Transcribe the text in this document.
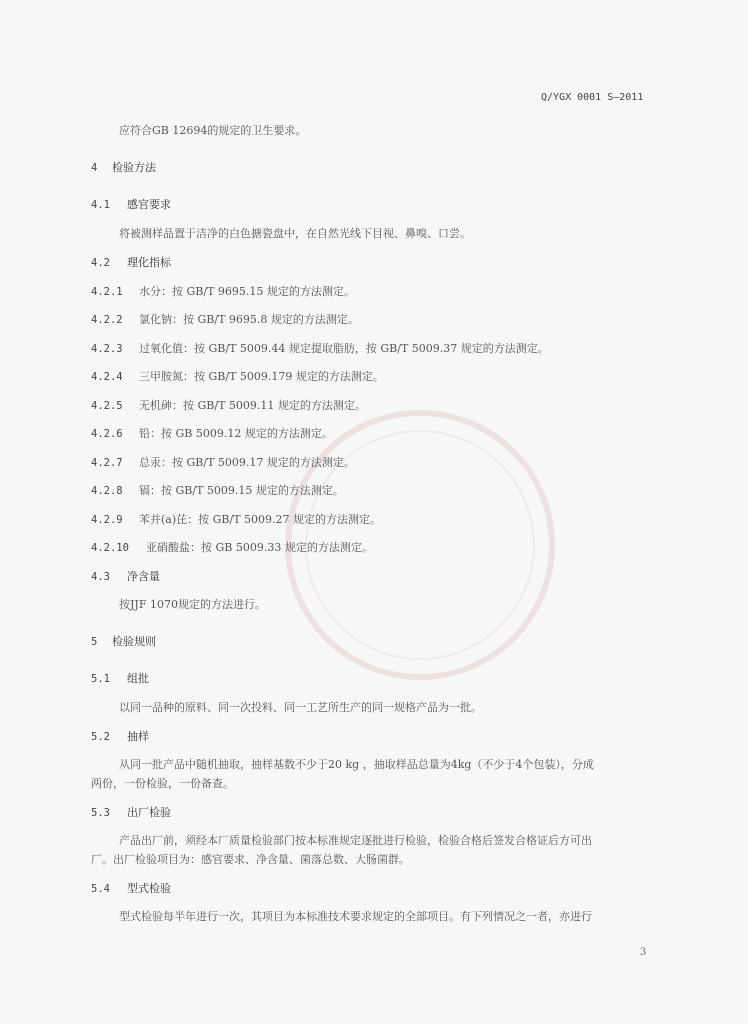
Q/YGX 0001 S—2011
应符合GB 12694的规定的卫生要求。
4 检验方法
4.1 感官要求
将被测样品置于洁净的白色搪瓷盘中，在自然光线下目视、鼻嗅、口尝。
4.2 理化指标
4.2.1 水分：按 GB/T 9695.15 规定的方法测定。
4.2.2 氯化钠：按 GB/T 9695.8 规定的方法测定。
4.2.3 过氧化值：按 GB/T 5009.44 规定提取脂肪，按 GB/T 5009.37 规定的方法测定。
4.2.4 三甲胺氮：按 GB/T 5009.179 规定的方法测定。
4.2.5 无机砷：按 GB/T 5009.11 规定的方法测定。
4.2.6 铅：按 GB 5009.12 规定的方法测定。
4.2.7 总汞：按 GB/T 5009.17 规定的方法测定。
4.2.8 镉：按 GB/T 5009.15 规定的方法测定。
4.2.9 苯并(a)芘：按 GB/T 5009.27 规定的方法测定。
4.2.10 亚硝酸盐：按 GB 5009.33 规定的方法测定。
4.3 净含量
按JJF 1070规定的方法进行。
5 检验规则
5.1 组批
以同一品种的原料、同一次投料、同一工艺所生产的同一规格产品为一批。
5.2 抽样
从同一批产品中随机抽取，抽样基数不少于20 kg ，抽取样品总量为4kg（不少于4个包装），分成
两份，一份检验，一份备查。
5.3 出厂检验
产品出厂前，须经本厂质量检验部门按本标准规定逐批进行检验，检验合格后签发合格证后方可出
厂。出厂检验项目为：感官要求、净含量、菌落总数、大肠菌群。
5.4 型式检验
型式检验每半年进行一次，其项目为本标准技术要求规定的全部项目。有下列情况之一者，亦进行
3
